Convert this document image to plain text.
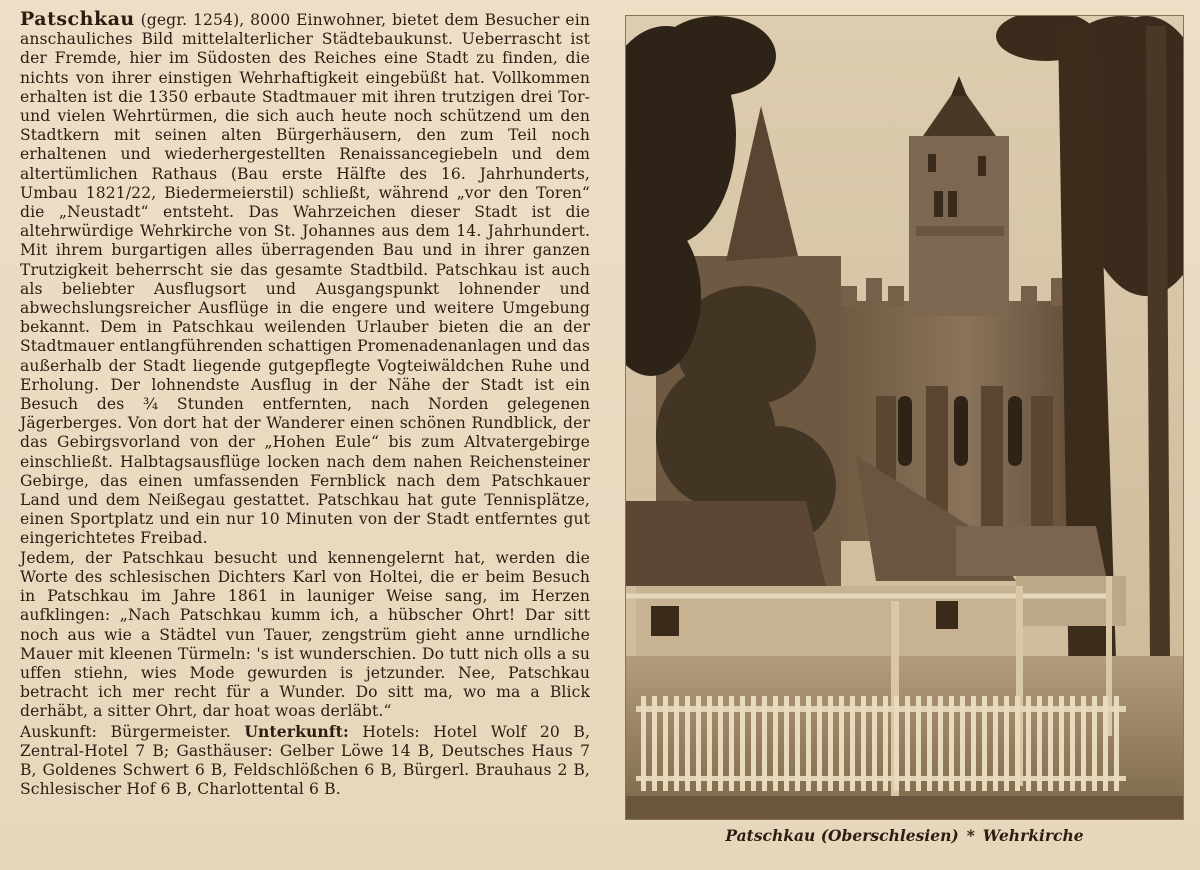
Patschkau (gegr. 1254), 8000 Einwohner, bietet dem Besucher ein anschauliches Bild mittelalterlicher Städtebaukunst. Ueberrascht ist der Fremde, hier im Südosten des Reiches eine Stadt zu finden, die nichts von ihrer einstigen Wehrhaftigkeit eingebüßt hat. Vollkommen erhalten ist die 1350 erbaute Stadtmauer mit ihren trutzigen drei Tor- und vielen Wehrtürmen, die sich auch heute noch schützend um den Stadtkern mit seinen alten Bürgerhäusern, den zum Teil noch erhaltenen und wiederhergestellten Renaissancegiebeln und dem altertümlichen Rathaus (Bau erste Hälfte des 16. Jahrhunderts, Umbau 1821/22, Biedermeierstil) schließt, während „vor den Toren“ die „Neustadt“ entsteht. Das Wahrzeichen dieser Stadt ist die altehrwürdige Wehrkirche von St. Johannes aus dem 14. Jahrhundert. Mit ihrem burgartigen alles überragenden Bau und in ihrer ganzen Trutzigkeit beherrscht sie das gesamte Stadtbild. Patschkau ist auch als beliebter Ausflugsort und Ausgangspunkt lohnender und abwechslungsreicher Ausflüge in die engere und weitere Umgebung bekannt. Dem in Patschkau weilenden Urlauber bieten die an der Stadtmauer entlangführenden schattigen Promenadenanlagen und das außerhalb der Stadt liegende gutgepflegte Vogteiwäldchen Ruhe und Erholung. Der lohnendste Ausflug in der Nähe der Stadt ist ein Besuch des ¾ Stunden entfernten, nach Norden gelegenen Jägerberges. Von dort hat der Wanderer einen schönen Rundblick, der das Gebirgsvorland von der „Hohen Eule“ bis zum Altvatergebirge einschließt. Halbtagsausflüge locken nach dem nahen Reichensteiner Gebirge, das einen umfassenden Fernblick nach dem Patschkauer Land und dem Neißegau gestattet. Patschkau hat gute Tennisplätze, einen Sportplatz und ein nur 10 Minuten von der Stadt entferntes gut eingerichtetes Freibad.

Jedem, der Patschkau besucht und kennengelernt hat, werden die Worte des schlesischen Dichters Karl von Holtei, die er beim Besuch in Patschkau im Jahre 1861 in launiger Weise sang, im Herzen aufklingen: „Nach Patschkau kumm ich, a hübscher Ohrt! Dar sitt noch aus wie a Städtel vun Tauer, zengstrüm gieht anne urndliche Mauer mit kleenen Türmeln: 's ist wunderschien. Do tutt nich olls a su uffen stiehn, wies Mode gewurden is jetzunder. Nee, Patschkau betracht ich mer recht für a Wunder. Do sitt ma, wo ma a Blick derhäbt, a sitter Ohrt, dar hoat woas derläbt.“

Auskunft: Bürgermeister. Unterkunft: Hotels: Hotel Wolf 20 B, Zentral-Hotel 7 B; Gasthäuser: Gelber Löwe 14 B, Deutsches Haus 7 B, Goldenes Schwert 6 B, Feldschlößchen 6 B, Bürgerl. Brauhaus 2 B, Schlesischer Hof 6 B, Charlottental 6 B.

Patschkau (Oberschlesien) * Wehrkirche
